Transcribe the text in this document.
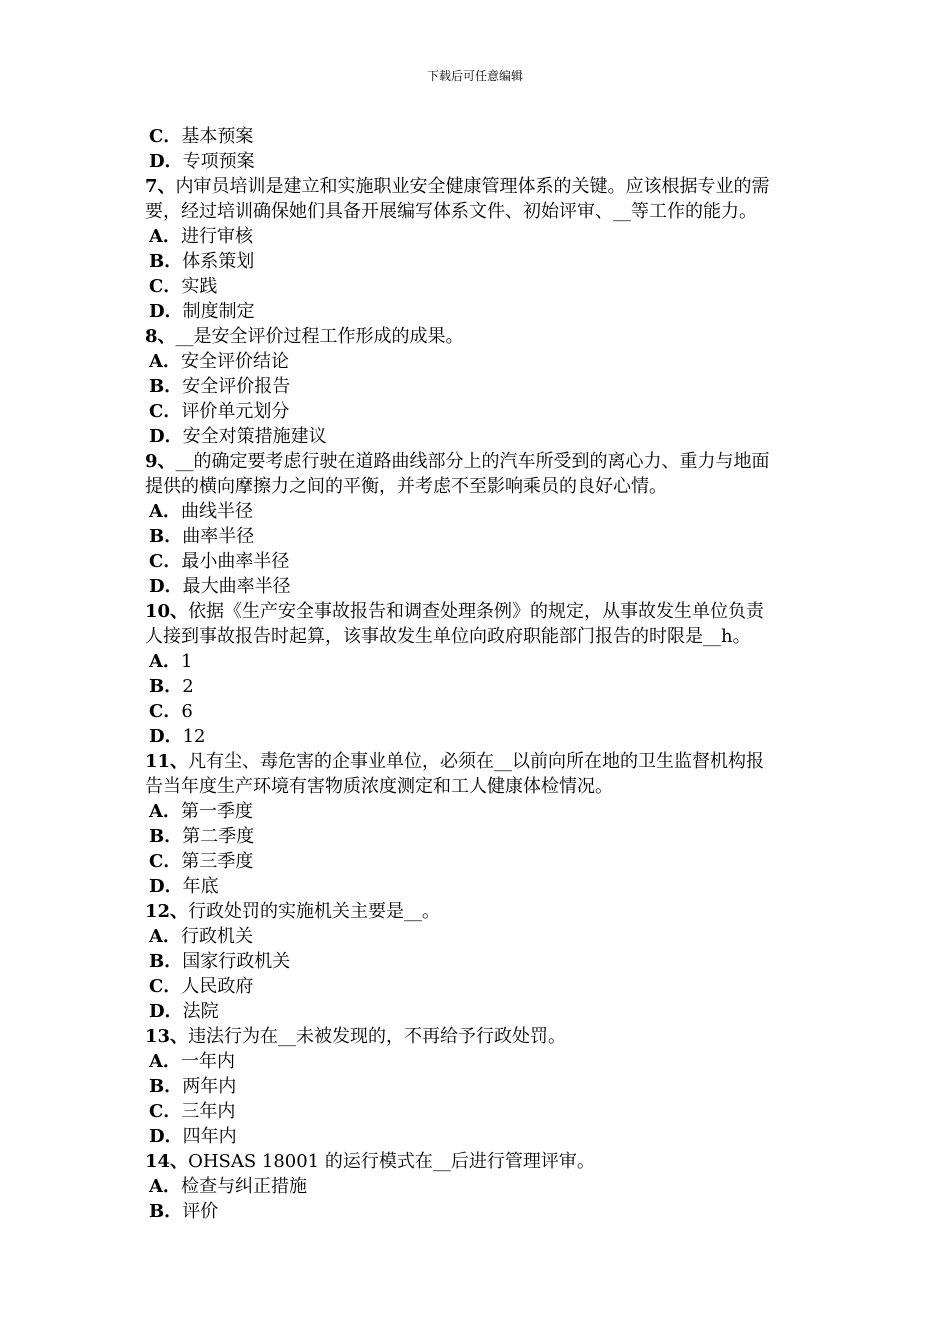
下载后可任意编辑
C．基本预案
D．专项预案
7、内审员培训是建立和实施职业安全健康管理体系的关键。应该根据专业的需
要，经过培训确保她们具备开展编写体系文件、初始评审、__等工作的能力。
A．进行审核
B．体系策划
C．实践
D．制度制定
8、__是安全评价过程工作形成的成果。
A．安全评价结论
B．安全评价报告
C．评价单元划分
D．安全对策措施建议
9、__的确定要考虑行驶在道路曲线部分上的汽车所受到的离心力、重力与地面
提供的横向摩擦力之间的平衡，并考虑不至影响乘员的良好心情。
A．曲线半径
B．曲率半径
C．最小曲率半径
D．最大曲率半径
10、依据《生产安全事故报告和调查处理条例》的规定，从事故发生单位负责
人接到事故报告时起算，该事故发生单位向政府职能部门报告的时限是__h。
A．1
B．2
C．6
D．12
11、凡有尘、毒危害的企事业单位，必须在__以前向所在地的卫生监督机构报
告当年度生产环境有害物质浓度测定和工人健康体检情况。
A．第一季度
B．第二季度
C．第三季度
D．年底
12、行政处罚的实施机关主要是__。
A．行政机关
B．国家行政机关
C．人民政府
D．法院
13、违法行为在__未被发现的，不再给予行政处罚。
A．一年内
B．两年内
C．三年内
D．四年内
14、OHSAS 18001 的运行模式在__后进行管理评审。
A．检查与纠正措施
B．评价
